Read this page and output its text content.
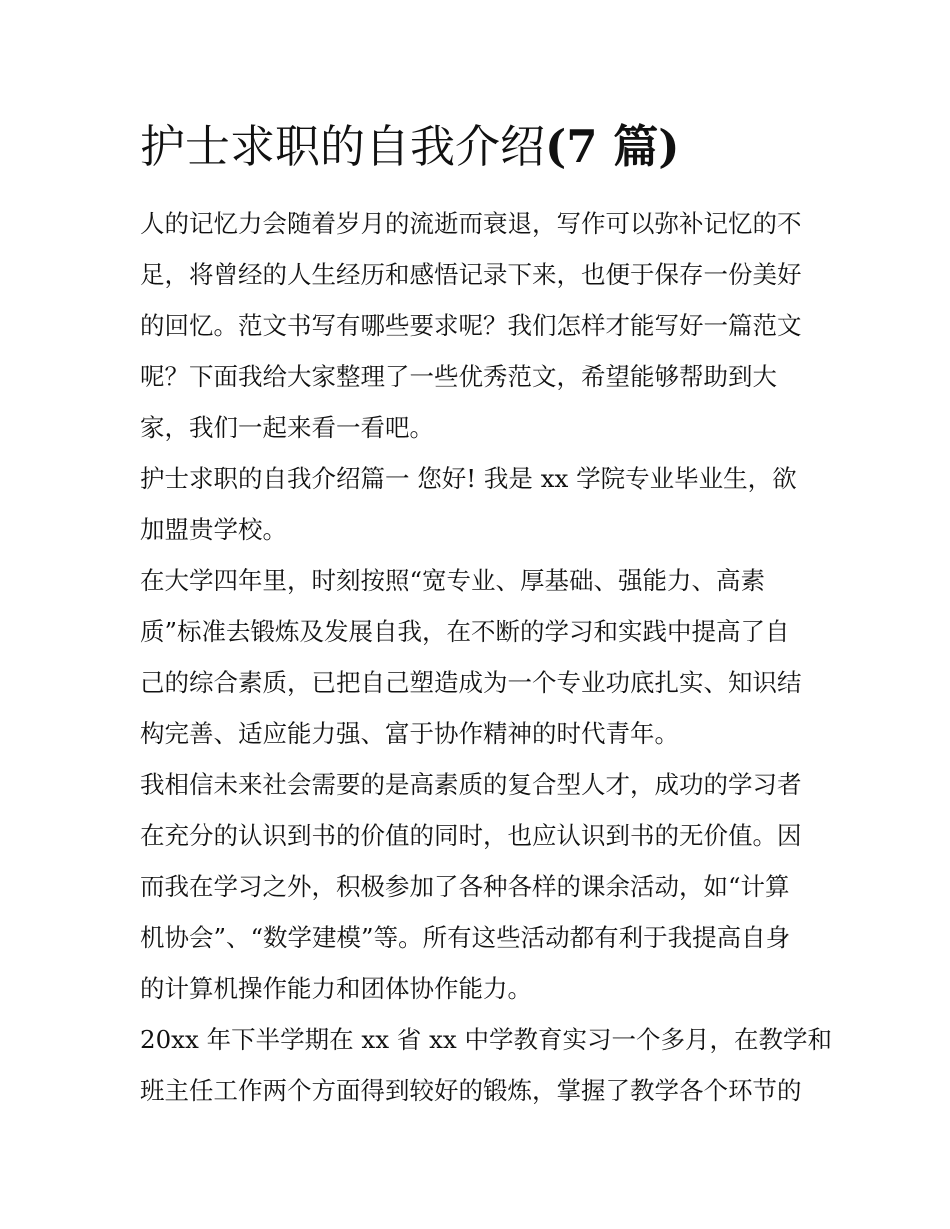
护士求职的自我介绍(7 篇)

人的记忆力会随着岁月的流逝而衰退，写作可以弥补记忆的不
足，将曾经的人生经历和感悟记录下来，也便于保存一份美好
的回忆。范文书写有哪些要求呢？我们怎样才能写好一篇范文
呢？下面我给大家整理了一些优秀范文，希望能够帮助到大
家，我们一起来看一看吧。

护士求职的自我介绍篇一 您好! 我是 xx 学院专业毕业生，欲
加盟贵学校。

在大学四年里，时刻按照“宽专业、厚基础、强能力、高素
质”标准去锻炼及发展自我，在不断的学习和实践中提高了自
己的综合素质，已把自己塑造成为一个专业功底扎实、知识结
构完善、适应能力强、富于协作精神的时代青年。

我相信未来社会需要的是高素质的复合型人才，成功的学习者
在充分的认识到书的价值的同时，也应认识到书的无价值。因
而我在学习之外，积极参加了各种各样的课余活动，如“计算
机协会”、“数学建模”等。所有这些活动都有利于我提高自身
的计算机操作能力和团体协作能力。

20xx 年下半学期在 xx 省 xx 中学教育实习一个多月，在教学和
班主任工作两个方面得到较好的锻炼，掌握了教学各个环节的
